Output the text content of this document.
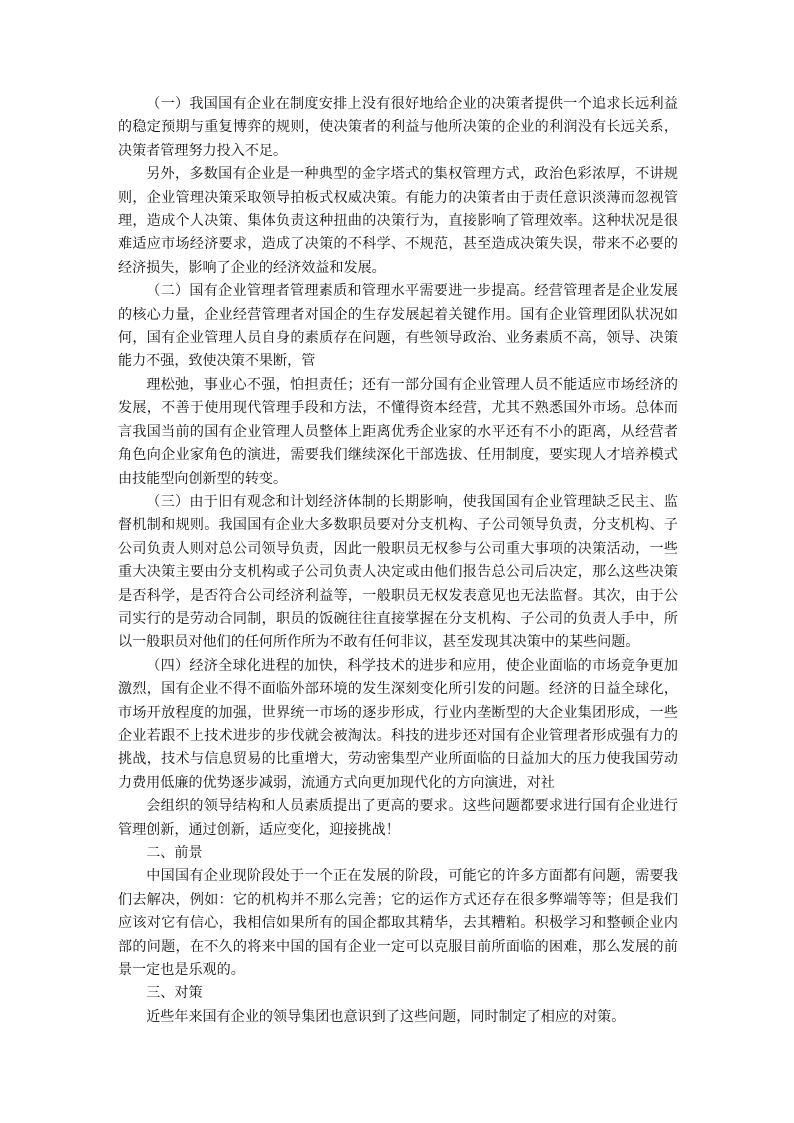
（一）我国国有企业在制度安排上没有很好地给企业的决策者提供一个追求长远利益的稳定预期与重复博弈的规则，使决策者的利益与他所决策的企业的利润没有长远关系，决策者管理努力投入不足。

另外，多数国有企业是一种典型的金字塔式的集权管理方式，政治色彩浓厚，不讲规则，企业管理决策采取领导拍板式权威决策。有能力的决策者由于责任意识淡薄而忽视管理，造成个人决策、集体负责这种扭曲的决策行为，直接影响了管理效率。这种状况是很难适应市场经济要求，造成了决策的不科学、不规范，甚至造成决策失误，带来不必要的经济损失，影响了企业的经济效益和发展。

（二）国有企业管理者管理素质和管理水平需要进一步提高。经营管理者是企业发展的核心力量，企业经营管理者对国企的生存发展起着关键作用。国有企业管理团队状况如何，国有企业管理人员自身的素质存在问题，有些领导政治、业务素质不高，领导、决策能力不强，致使决策不果断，管

理松弛，事业心不强，怕担责任；还有一部分国有企业管理人员不能适应市场经济的发展，不善于使用现代管理手段和方法，不懂得资本经营，尤其不熟悉国外市场。总体而言我国当前的国有企业管理人员整体上距离优秀企业家的水平还有不小的距离，从经营者角色向企业家角色的演进，需要我们继续深化干部选拔、任用制度，要实现人才培养模式由技能型向创新型的转变。

（三）由于旧有观念和计划经济体制的长期影响，使我国国有企业管理缺乏民主、监督机制和规则。我国国有企业大多数职员要对分支机构、子公司领导负责，分支机构、子公司负责人则对总公司领导负责，因此一般职员无权参与公司重大事项的决策活动，一些重大决策主要由分支机构或子公司负责人决定或由他们报告总公司后决定，那么这些决策是否科学，是否符合公司经济利益等，一般职员无权发表意见也无法监督。其次，由于公司实行的是劳动合同制，职员的饭碗往往直接掌握在分支机构、子公司的负责人手中，所以一般职员对他们的任何所作所为不敢有任何非议，甚至发现其决策中的某些问题。

（四）经济全球化进程的加快，科学技术的进步和应用，使企业面临的市场竞争更加激烈，国有企业不得不面临外部环境的发生深刻变化所引发的问题。经济的日益全球化，市场开放程度的加强，世界统一市场的逐步形成，行业内垄断型的大企业集团形成，一些企业若跟不上技术进步的步伐就会被淘汰。科技的进步还对国有企业管理者形成强有力的挑战，技术与信息贸易的比重增大，劳动密集型产业所面临的日益加大的压力使我国劳动力费用低廉的优势逐步减弱，流通方式向更加现代化的方向演进，对社

会组织的领导结构和人员素质提出了更高的要求。这些问题都要求进行国有企业进行管理创新，通过创新，适应变化，迎接挑战！

二、前景

中国国有企业现阶段处于一个正在发展的阶段，可能它的许多方面都有问题，需要我们去解决，例如：它的机构并不那么完善；它的运作方式还存在很多弊端等等；但是我们应该对它有信心，我相信如果所有的国企都取其精华，去其糟粕。积极学习和整顿企业内部的问题，在不久的将来中国的国有企业一定可以克服目前所面临的困难，那么发展的前景一定也是乐观的。

三、对策

近些年来国有企业的领导集团也意识到了这些问题，同时制定了相应的对策。
